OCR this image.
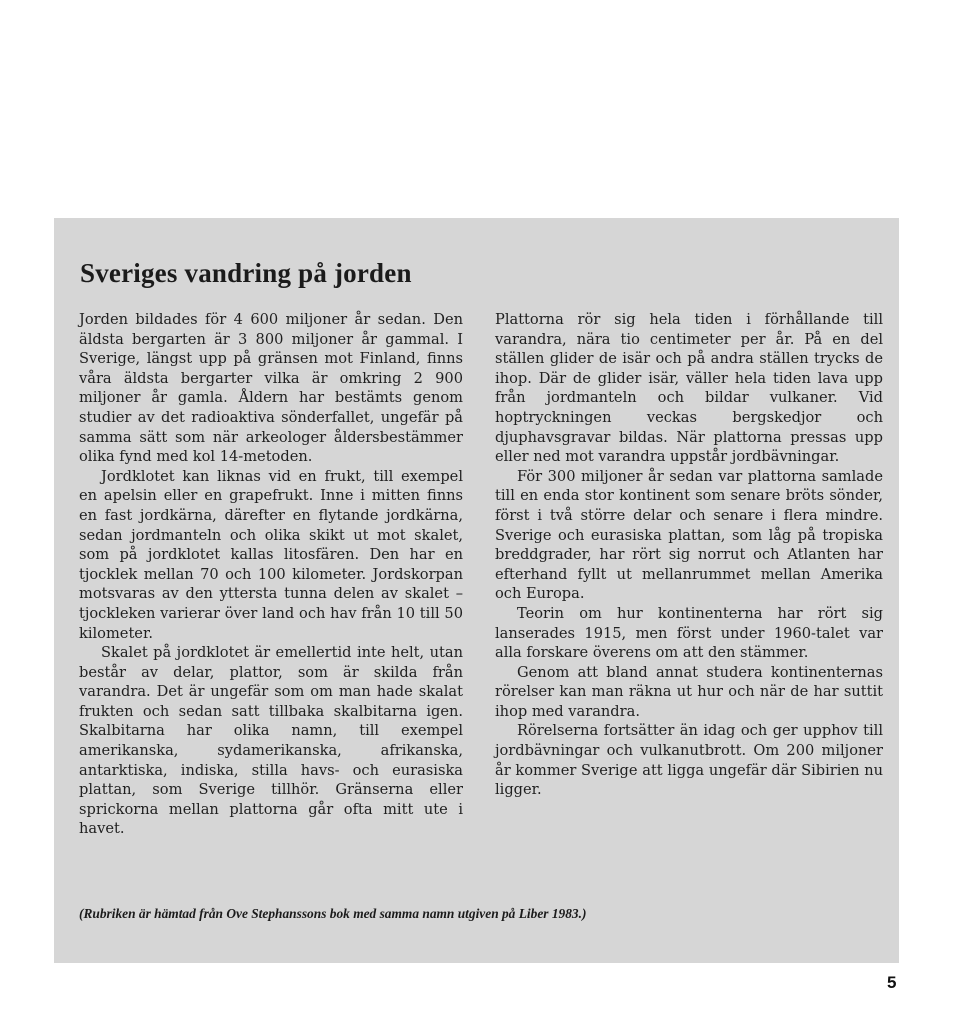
Sveriges vandring på jorden

Jorden bildades för 4 600 miljoner år sedan. Den äldsta bergarten är 3 800 miljoner år gammal. I Sverige, längst upp på gränsen mot Finland, finns våra äldsta bergarter vilka är omkring 2 900 miljoner år gamla. Åldern har bestämts genom studier av det radioaktiva sönderfallet, ungefär på samma sätt som när arkeologer åldersbestämmer olika fynd med kol 14-metoden.

Jordklotet kan liknas vid en frukt, till exempel en apelsin eller en grapefrukt. Inne i mitten finns en fast jordkärna, därefter en flytande jordkärna, sedan jordmanteln och olika skikt ut mot skalet, som på jordklotet kallas litosfären. Den har en tjocklek mellan 70 och 100 kilometer. Jordskorpan motsvaras av den yttersta tunna delen av skalet – tjockleken varierar över land och hav från 10 till 50 kilometer.

Skalet på jordklotet är emellertid inte helt, utan består av delar, plattor, som är skilda från varandra. Det är ungefär som om man hade skalat frukten och sedan satt tillbaka skalbitarna igen. Skalbitarna har olika namn, till exempel amerikanska, sydamerikanska, afrikanska, antarktiska, indiska, stilla havs- och eurasiska plattan, som Sverige tillhör. Gränserna eller sprickorna mellan plattorna går ofta mitt ute i havet.

Plattorna rör sig hela tiden i förhållande till varandra, nära tio centimeter per år. På en del ställen glider de isär och på andra ställen trycks de ihop. Där de glider isär, väller hela tiden lava upp från jordmanteln och bildar vulkaner. Vid hoptryckningen veckas bergskedjor och djuphavsgravar bildas. När plattorna pressas upp eller ned mot varandra uppstår jordbävningar.

För 300 miljoner år sedan var plattorna samlade till en enda stor kontinent som senare bröts sönder, först i två större delar och senare i flera mindre. Sverige och eurasiska plattan, som låg på tropiska breddgrader, har rört sig norrut och Atlanten har efterhand fyllt ut mellanrummet mellan Amerika och Europa.

Teorin om hur kontinenterna har rört sig lanserades 1915, men först under 1960-talet var alla forskare överens om att den stämmer.

Genom att bland annat studera kontinenternas rörelser kan man räkna ut hur och när de har suttit ihop med varandra.

Rörelserna fortsätter än idag och ger upphov till jordbävningar och vulkanutbrott. Om 200 miljoner år kommer Sverige att ligga ungefär där Sibirien nu ligger.

(Rubriken är hämtad från Ove Stephanssons bok med samma namn utgiven på Liber 1983.)

5
